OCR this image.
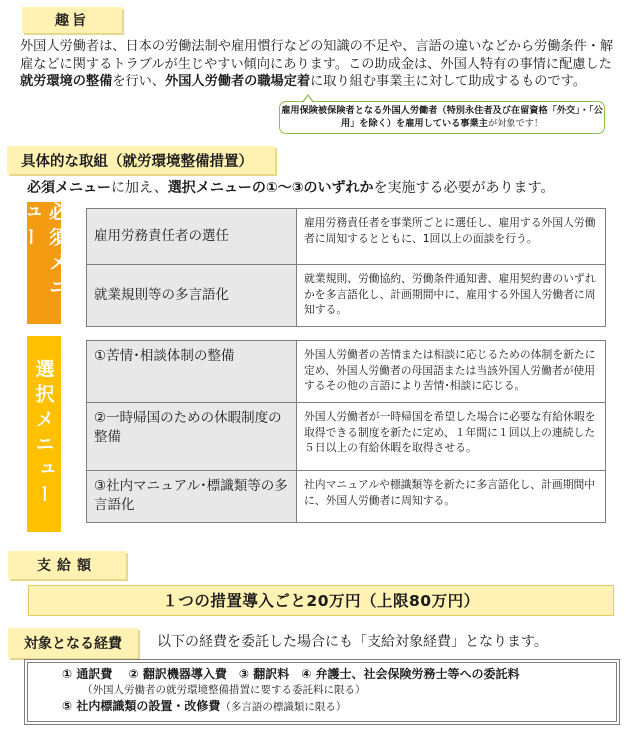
趣旨
外国人労働者は、日本の労働法制や雇用慣行などの知識の不足や、言語の違いなどから労働条件・解雇などに関するトラブルが生じやすい傾向にあります。この助成金は、外国人特有の事情に配慮した就労環境の整備を行い、外国人労働者の職場定着に取り組む事業主に対して助成するものです。
雇用保険被保険者となる外国人労働者（特別永住者及び在留資格「外交」・「公用」を除く）を雇用している事業主が対象です！
具体的な取組（就労環境整備措置）
必須メニューに加え、選択メニューの①～③のいずれかを実施する必要があります。
必須メニュー	雇用労務責任者の選任	雇用労務責任者を事業所ごとに選任し、雇用する外国人労働者に周知するとともに、1回以上の面談を行う。
就業規則等の多言語化	就業規則、労働協約、労働条件通知書、雇用契約書のいずれかを多言語化し、計画期間中に、雇用する外国人労働者に周知する。
選択メニュー
①苦情･相談体制の整備	外国人労働者の苦情または相談に応じるための体制を新たに定め、外国人労働者の母国語または当該外国人労働者が使用するその他の言語により苦情･相談に応じる。
②一時帰国のための休暇制度の整備	外国人労働者が一時帰国を希望した場合に必要な有給休暇を取得できる制度を新たに定め、１年間に１回以上の連続した５日以上の有給休暇を取得させる。
③社内マニュアル･標識類等の多言語化	社内マニュアルや標識類等を新たに多言語化し、計画期間中に、外国人労働者に周知する。
支給額
１つの措置導入ごと20万円（上限80万円）
対象となる経費	以下の経費を委託した場合にも「支給対象経費」となります。
① 通訳費　 ② 翻訳機器導入費　③ 翻訳料　④ 弁護士、社会保険労務士等への委託料
（外国人労働者の就労環境整備措置に要する委託料に限る）
⑤ 社内標識類の設置・改修費（多言語の標識類に限る）
